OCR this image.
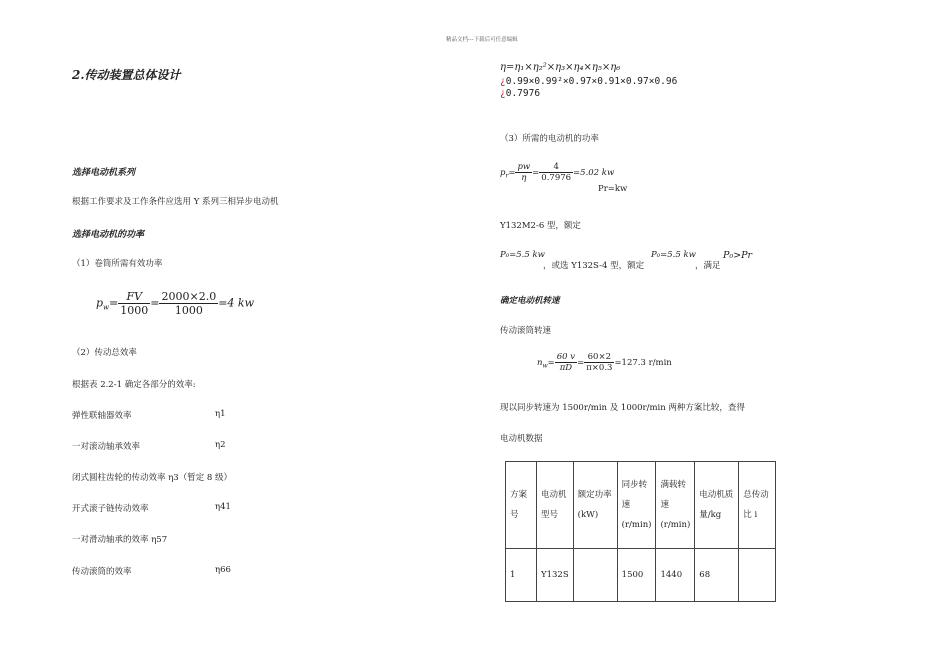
精品文档---下载后可任意编辑
2.传动装置总体设计
选择电动机系列
根据工作要求及工作条件应选用 Y 系列三相异步电动机
选择电动机的功率
（1）卷筒所需有效功率
$p_w= \frac{FV}{1000} = \frac{2000\times 2.0}{1000} =4$ kw
（2）传动总效率
根据表 2.2-1 确定各部分的效率:
弹性联轴器效率	η1
一对滚动轴承效率	η2
闭式圆柱齿轮的传动效率 η3（暂定 8 级）
开式滚子链传动效率	η41
一对滑动轴承的效率 η57
传动滚筒的效率	η66
η=η₁×η₂²×η₃×η₄×η₅×η₆
¿0.99×0.99²×0.97×0.91×0.97×0.96
¿0.7976
（3）所需的电动机的功率
$p_r= \frac{pw}{\eta} = \frac{4}{0.7976} =5.02$ kw
Pr=kw
Y132M2-6 型，额定
P₀=5.5 kw
，或选 Y132S-4 型，额定
P₀=5.5 kw
，满足
P₀>Pr
确定电动机转速
传动滚筒转速
$n_w= \frac{60 v}{\pi D} = \frac{60\times 2}{\pi\times 0.3} =127.3$ r/min
现以同步转速为 1500r/min 及 1000r/min 两种方案比较，查得
电动机数据
方案号	电动机型号	额定功率(kW)	同步转速(r/min)	满载转速(r/min)	电动机质量/kg	总传动比 i
1	Y132S		1500	1440	68	
